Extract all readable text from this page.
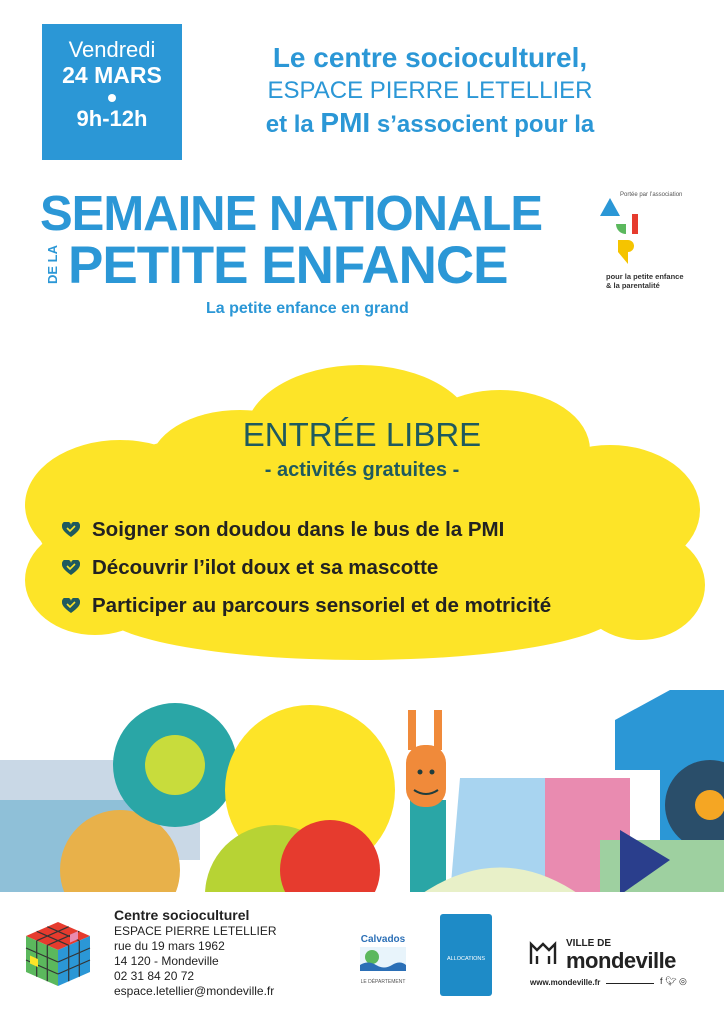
Vendredi
24 MARS
9h-12h
Le centre socioculturel,
ESPACE PIERRE LETELLIER
et la PMI s’associent pour la
SEMAINE NATIONALE
DE LA PETITE ENFANCE
La petite enfance en grand
Portée par l’association
pour la petite enfance
& la parentalité
ENTRÉE LIBRE
- activités gratuites -
Soigner son doudou dans le bus de la PMI
Découvrir l’ilot doux et sa mascotte
Participer au parcours sensoriel et de motricité
Centre socioculturel
ESPACE PIERRE LETELLIER
rue du 19 mars 1962
14 120 - Mondeville
02 31 84 20 72
espace.letellier@mondeville.fr
Calvados
LE DÉPARTEMENT
ALLOCATIONS
FAMILIALES
Caf
du Calvados
VILLE DE
mondeville
www.mondeville.fr	f 🐦︎ ◎
